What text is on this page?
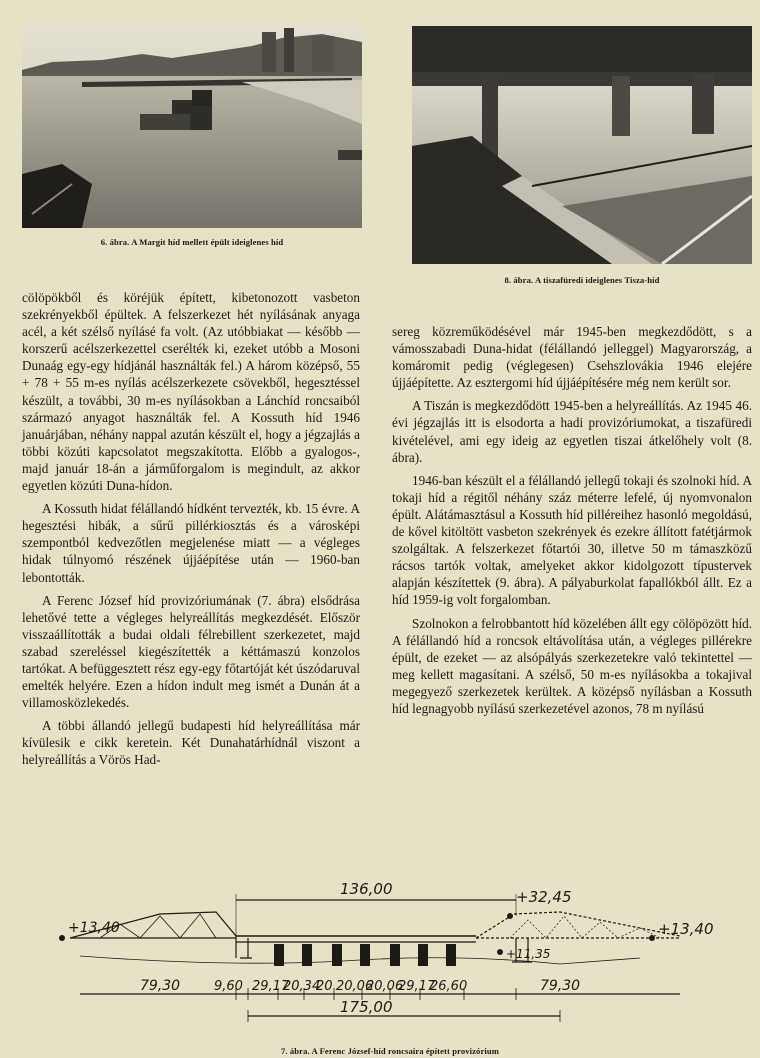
6. ábra. A Margit híd mellett épült ideiglenes híd
8. ábra. A tiszafüredi ideiglenes Tisza-híd

cölöpökből és köréjük épített, kibetonozott vasbeton szekrényekből épültek. A felszerkezet hét nyílásának anyaga acél, a két szélső nyílásé fa volt. (Az utóbbiakat — később — korszerű acélszerkezettel cserélték ki, ezeket utóbb a Mosoni Dunaág egy-egy hídjánál használták fel.) A három középső, 55 + 78 + 55 m-es nyílás acélszerkezete csövekből, hegesztéssel készült, a további, 30 m-es nyílásokban a Lánchíd roncsaiból származó anyagot használták fel. A Kossuth híd 1946 januárjában, néhány nappal azután készült el, hogy a jégzajlás a többi közúti kapcsolatot megszakította. Előbb a gyalogos-, majd január 18-án a járműforgalom is megindult, az akkor egyetlen közúti Duna-hídon.

A Kossuth hidat félállandó hídként tervezték, kb. 15 évre. A hegesztési hibák, a sűrű pillérkiosztás és a városképi szempontból kedvezőtlen megjelenése miatt — a végleges hidak túlnyomó részének újjáépítése után — 1960-ban lebontották.

A Ferenc József híd provizóriumának (7. ábra) elsődrása lehetővé tette a végleges helyreállítás megkezdését. Először visszaállították a budai oldali félrebillent szerkezetet, majd szabad szereléssel kiegészítették a kéttámaszú konzolos tartókat. A befüggesztett rész egy-egy főtartóját két úszódaruval emelték helyére. Ezen a hídon indult meg ismét a Dunán át a villamosközlekedés.

A többi állandó jellegű budapesti híd helyreállítása már kívülesik e cikk keretein. Két Dunahatárhídnál viszont a helyreállítás a Vörös Had-

sereg közreműködésével már 1945-ben megkezdődött, s a vámosszabadi Duna-hidat (félállandó jelleggel) Magyarország, a komáromit pedig (véglegesen) Csehszlovákia 1946 elejére újjáépítette. Az esztergomi híd újjáépítésére még nem került sor.

A Tiszán is megkezdődött 1945-ben a helyreállítás. Az 1945 46. évi jégzajlás itt is elsodorta a hadi provizóriumokat, a tiszafüredi kivételével, ami egy ideig az egyetlen tiszai átkelőhely volt (8. ábra).

1946-ban készült el a félállandó jellegű tokaji és szolnoki híd. A tokaji híd a régitől néhány száz méterre lefelé, új nyomvonalon épült. Alátámasztásul a Kossuth híd pilléreihez hasonló megoldású, de kővel kitöltött vasbeton szekrények és ezekre állított fatétjármok szolgáltak. A felszerkezet főtartói 30, illetve 50 m támaszközű rácsos tartók voltak, amelyeket akkor kidolgozott típustervek alapján készítettek (9. ábra). A pályaburkolat fapallókból állt. Ez a híd 1959-ig volt forgalomban.

Szolnokon a felrobbantott híd közelében állt egy cölöpözött híd. A félállandó híd a roncsok eltávolítása után, a végleges pillérekre épült, de ezeket — az alsópályás szerkezetekre való tekintettel — meg kellett magasítani. A szélső, 50 m-es nyílásokba a tokajival megegyező szerkezetek kerültek. A középső nyílásban a Kossuth híd legnagyobb nyílású szerkezetével azonos, 78 m nyílású

136,00	+32,45
+13,40	+13,40
+11,35
79,30	9,60 29,17
20,34
20 20,06
20,06
29,17
26,60	79,30
175,00
7. ábra. A Ferenc József-híd roncsaira épített provizórium
